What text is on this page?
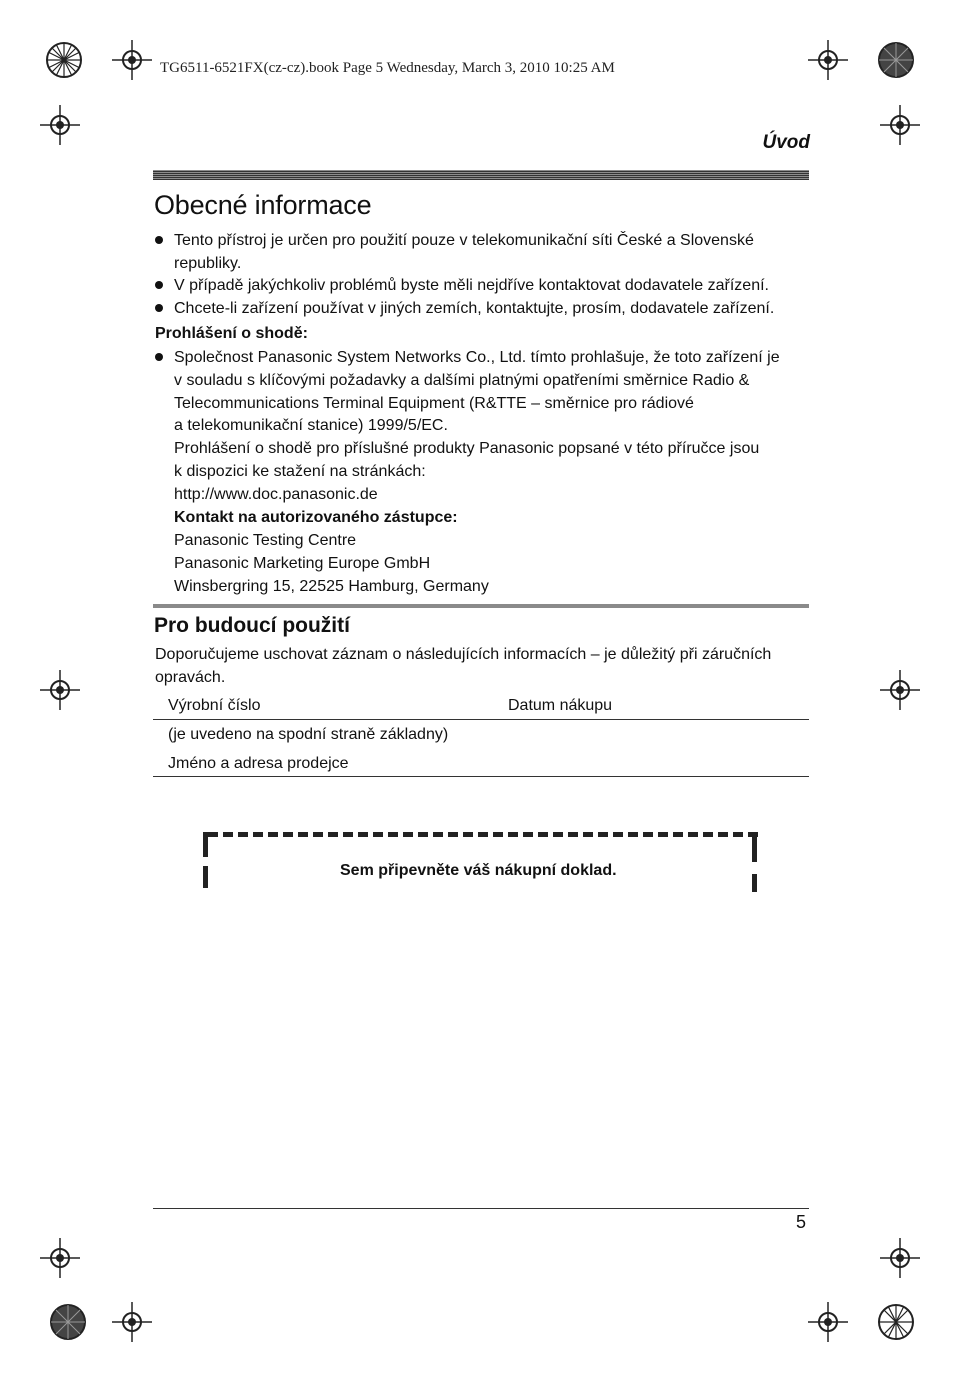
TG6511-6521FX(cz-cz).book Page 5 Wednesday, March 3, 2010 10:25 AM
Úvod
Obecné informace
Tento přístroj je určen pro použití pouze v telekomunikační síti České a Slovenské
republiky.
V případě jakýchkoliv problémů byste měli nejdříve kontaktovat dodavatele zařízení.
Chcete-li zařízení používat v jiných zemích, kontaktujte, prosím, dodavatele zařízení.
Prohlášení o shodě:
Společnost Panasonic System Networks Co., Ltd. tímto prohlašuje, že toto zařízení je
v souladu s klíčovými požadavky a dalšími platnými opatřeními směrnice Radio &
Telecommunications Terminal Equipment (R&TTE – směrnice pro rádiové
a telekomunikační stanice) 1999/5/EC.
Prohlášení o shodě pro příslušné produkty Panasonic popsané v této příručce jsou
k dispozici ke stažení na stránkách:
http://www.doc.panasonic.de
Kontakt na autorizovaného zástupce:
Panasonic Testing Centre
Panasonic Marketing Europe GmbH
Winsbergring 15, 22525 Hamburg, Germany
Pro budoucí použití
Doporučujeme uschovat záznam o následujících informacích – je důležitý při záručních
opravách.
Výrobní číslo	Datum nákupu
(je uvedeno na spodní straně základny)
Jméno a adresa prodejce
Sem připevněte váš nákupní doklad.
5
